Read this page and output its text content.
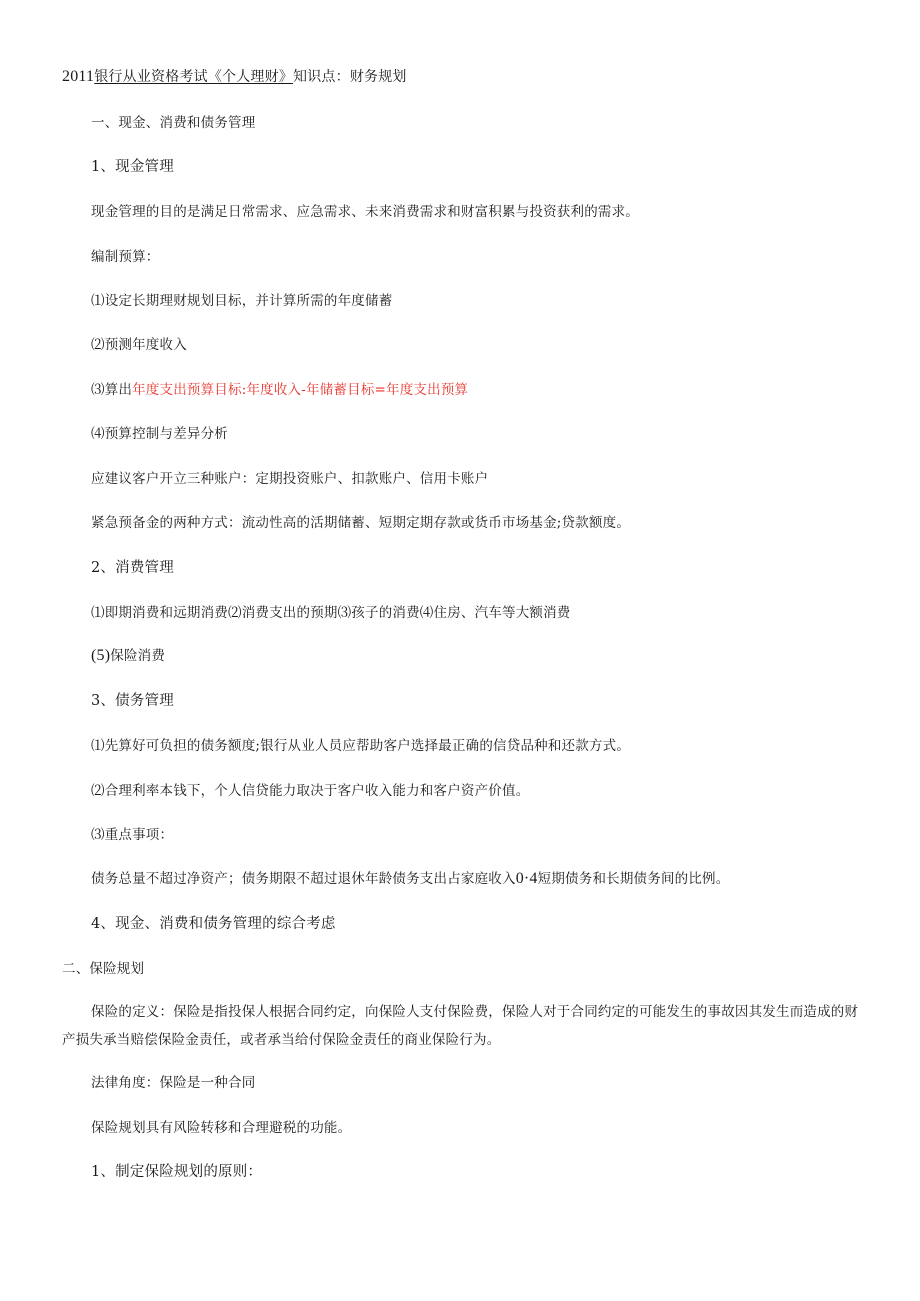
2011银行从业资格考试《个人理财》知识点：财务规划
一、现金、消费和债务管理
1、现金管理
现金管理的目的是满足日常需求、应急需求、未来消费需求和财富积累与投资获利的需求。
编制预算：
⑴设定长期理财规划目标，并计算所需的年度储蓄
⑵预测年度收入
⑶算出年度支出预算目标:年度收入-年储蓄目标=年度支出预算
⑷预算控制与差异分析
应建议客户开立三种账户：定期投资账户、扣款账户、信用卡账户
紧急预备金的两种方式：流动性高的活期储蓄、短期定期存款或货币市场基金;贷款额度。
2、消费管理
⑴即期消费和远期消费⑵消费支出的预期⑶孩子的消费⑷住房、汽车等大额消费
(5)保险消费
3、债务管理
⑴先算好可负担的债务额度;银行从业人员应帮助客户选择最正确的信贷品种和还款方式。
⑵合理利率本钱下，个人信贷能力取决于客户收入能力和客户资产价值。
⑶重点事项：
债务总量不超过净资产；债务期限不超过退休年龄债务支出占家庭收入0·4短期债务和长期债务间的比例。
4、现金、消费和债务管理的综合考虑
二、保险规划
保险的定义：保险是指投保人根据合同约定，向保险人支付保险费，保险人对于合同约定的可能发生的事故因其发生而造成的财产损失承当赔偿保险金责任，或者承当给付保险金责任的商业保险行为。
法律角度：保险是一种合同
保险规划具有风险转移和合理避税的功能。
1、制定保险规划的原则：
